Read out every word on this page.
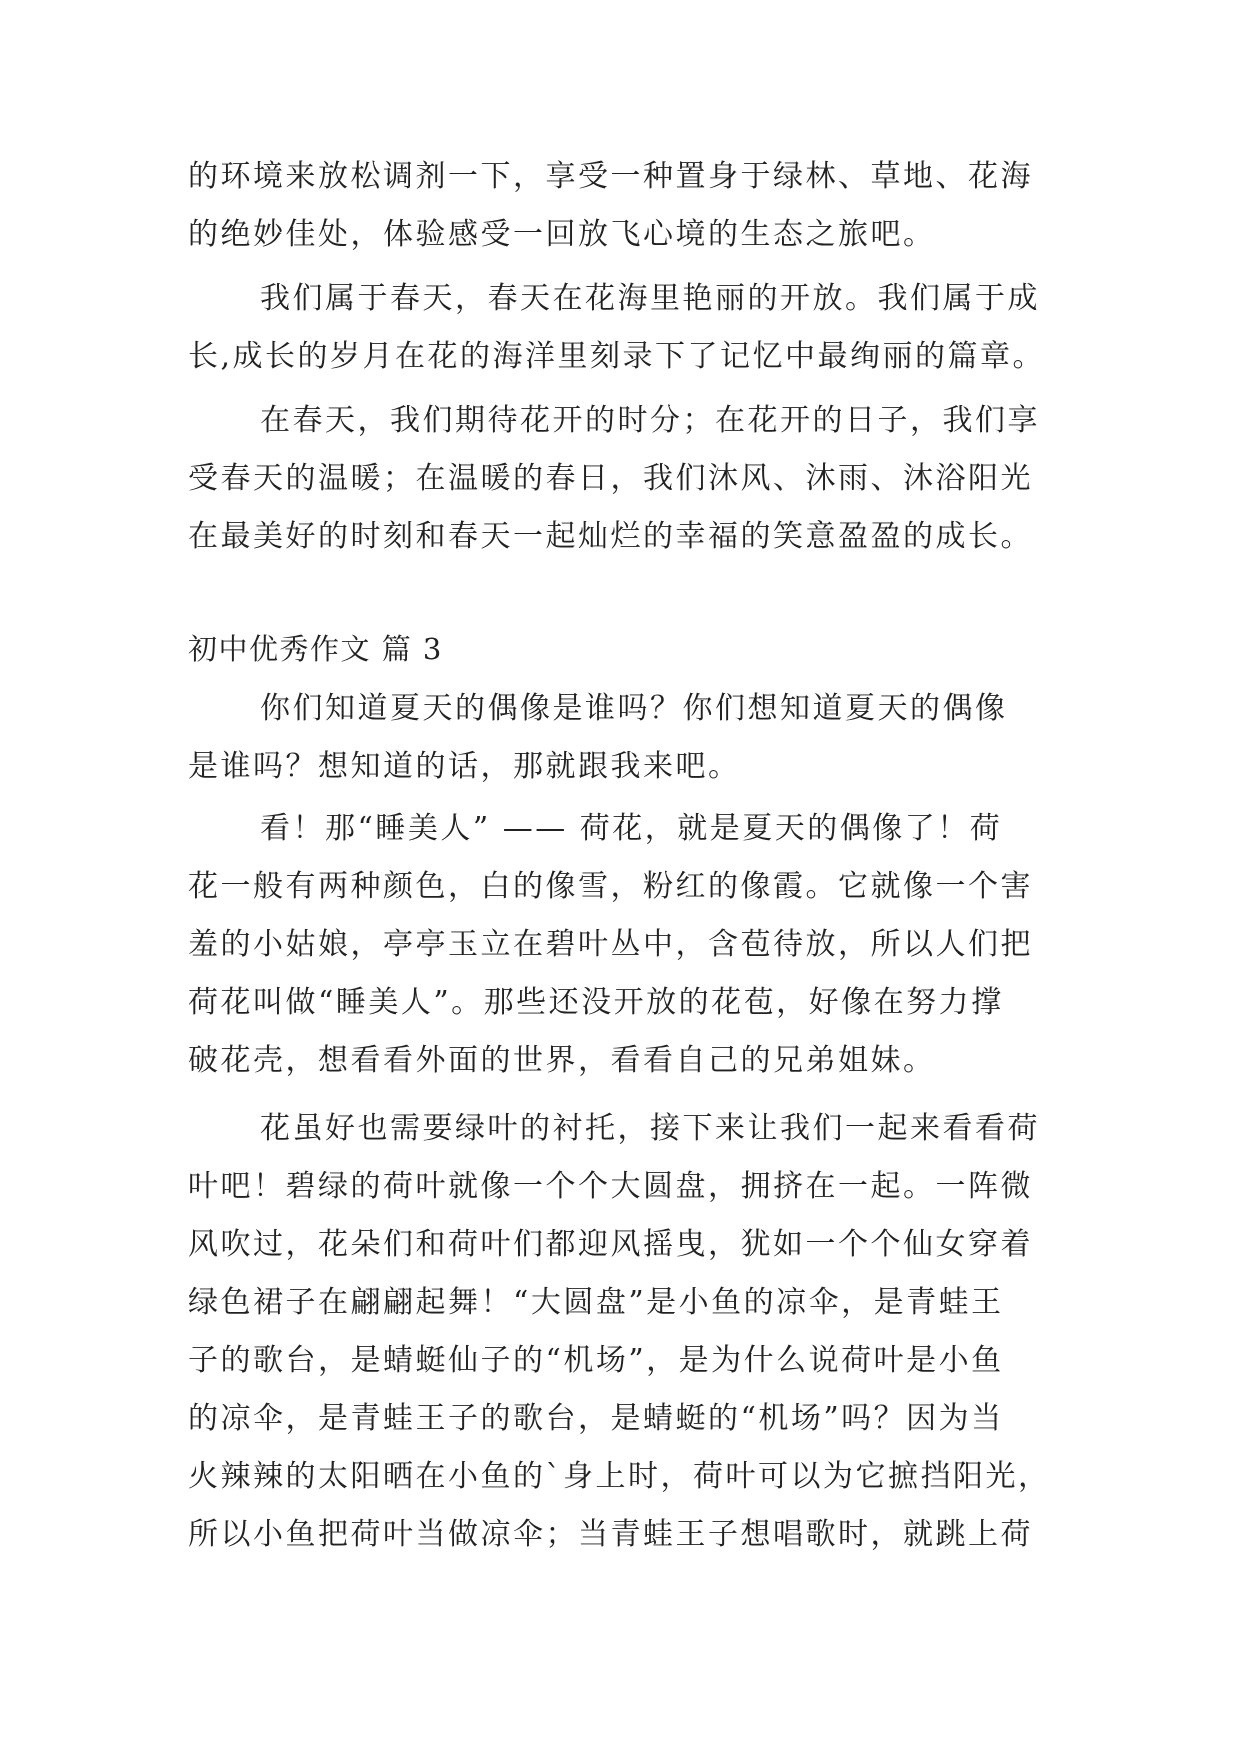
的环境来放松调剂一下，享受一种置身于绿林、草地、花海
的绝妙佳处，体验感受一回放飞心境的生态之旅吧。
我们属于春天，春天在花海里艳丽的开放。我们属于成
长,成长的岁月在花的海洋里刻录下了记忆中最绚丽的篇章。
在春天，我们期待花开的时分；在花开的日子，我们享
受春天的温暖；在温暖的春日，我们沐风、沐雨、沐浴阳光
在最美好的时刻和春天一起灿烂的幸福的笑意盈盈的成长。
初中优秀作文 篇 3
你们知道夏天的偶像是谁吗？你们想知道夏天的偶像
是谁吗？想知道的话，那就跟我来吧。
看！那“睡美人” —— 荷花，就是夏天的偶像了！荷
花一般有两种颜色，白的像雪，粉红的像霞。它就像一个害
羞的小姑娘，亭亭玉立在碧叶丛中，含苞待放，所以人们把
荷花叫做“睡美人”。那些还没开放的花苞，好像在努力撑
破花壳，想看看外面的世界，看看自己的兄弟姐妹。
花虽好也需要绿叶的衬托，接下来让我们一起来看看荷
叶吧！碧绿的荷叶就像一个个大圆盘，拥挤在一起。一阵微
风吹过，花朵们和荷叶们都迎风摇曳，犹如一个个仙女穿着
绿色裙子在翩翩起舞！“大圆盘”是小鱼的凉伞，是青蛙王
子的歌台，是蜻蜓仙子的“机场”，是为什么说荷叶是小鱼
的凉伞，是青蛙王子的歌台，是蜻蜓的“机场”吗？因为当
火辣辣的太阳晒在小鱼的`身上时，荷叶可以为它摭挡阳光，
所以小鱼把荷叶当做凉伞；当青蛙王子想唱歌时，就跳上荷
